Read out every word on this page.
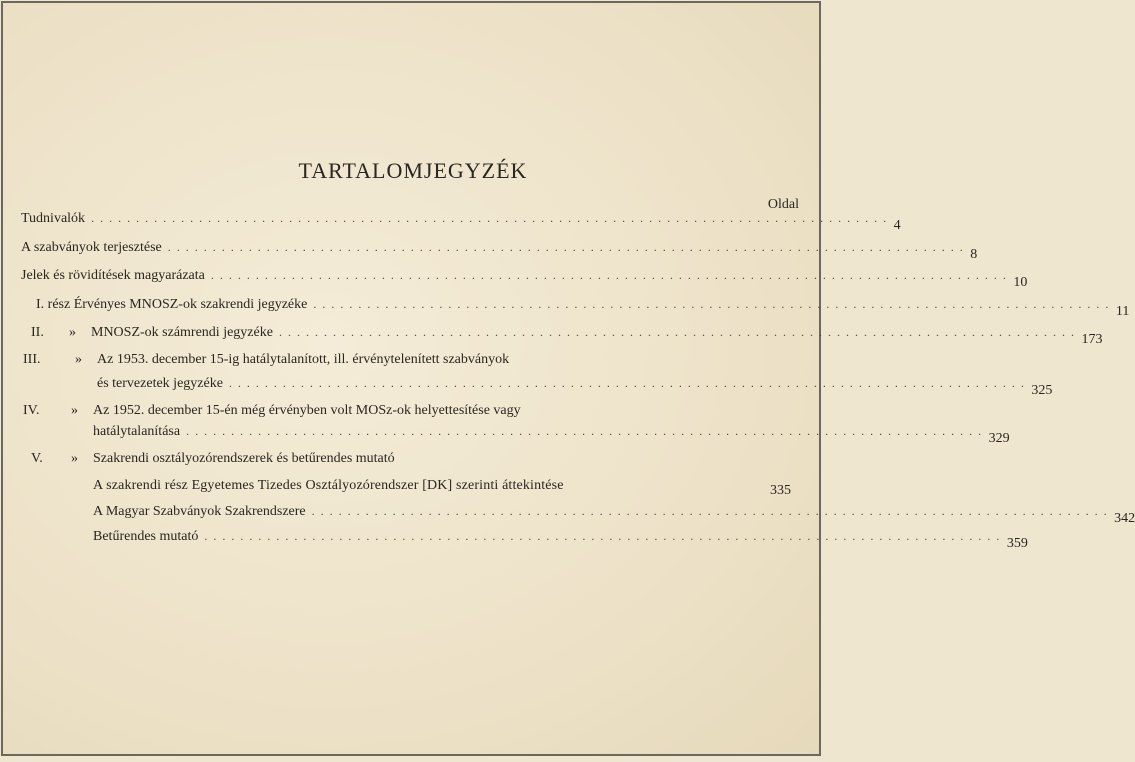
TARTALOMJEGYZÉK
Oldal
Tudnivalók . . . . . . . . . . . . . . . . . . . . . . . . . . . . . . . . . . . . . . . . . . . . . . . . . . . . . . . . . . . . . . . . . . . . . . . . . . . . . . . . . . . . . . . . . 4
A szabványok terjesztése . . . . . . . . . . . . . . . . . . . . . . . . . . . . . . . . . . . . . . . . . . . . . . . . . . . . . . . . . . . . . . . . . . . . . . . . . . . . . . . . . . . . . . . . . 8
Jelek és rövidítések magyarázata . . . . . . . . . . . . . . . . . . . . . . . . . . . . . . . . . . . . . . . . . . . . . . . . . . . . . . . . . . . . . . . . . . . . . . . . . . . . . . . . . . . . . . . . . 10
I. rész Érvényes MNOSZ-ok szakrendi jegyzéke . . . . . . . . . . . . . . . . . . . . . . . . . . . . . . . . . . . . . . . . . . . . . . . . . . . . . . . . . . . . . . . . . . . . . . . . . . . . . . . . . . . . . . . . . 11
II. » MNOSZ-ok számrendi jegyzéke . . . . . . . . . . . . . . . . . . . . . . . . . . . . . . . . . . . . . . . . . . . . . . . . . . . . . . . . . . . . . . . . . . . . . . . . . . . . . . . . . . . . . . . . . 173
III. » Az 1953. december 15-ig hatálytalanított, ill. érvénytelenített szabványok
és tervezetek jegyzéke . . . . . . . . . . . . . . . . . . . . . . . . . . . . . . . . . . . . . . . . . . . . . . . . . . . . . . . . . . . . . . . . . . . . . . . . . . . . . . . . . . . . . . . . . 325
IV. » Az 1952. december 15-én még érvényben volt MOSz-ok helyettesítése vagy
hatálytalanítása . . . . . . . . . . . . . . . . . . . . . . . . . . . . . . . . . . . . . . . . . . . . . . . . . . . . . . . . . . . . . . . . . . . . . . . . . . . . . . . . . . . . . . . . . 329
V. » Szakrendi osztályozórendszerek és betűrendes mutató
A szakrendi rész Egyetemes Tizedes Osztályozórendszer [DK] szerinti áttekintése	335
A Magyar Szabványok Szakrendszere . . . . . . . . . . . . . . . . . . . . . . . . . . . . . . . . . . . . . . . . . . . . . . . . . . . . . . . . . . . . . . . . . . . . . . . . . . . . . . . . . . . . . . . . . 342
Betűrendes mutató . . . . . . . . . . . . . . . . . . . . . . . . . . . . . . . . . . . . . . . . . . . . . . . . . . . . . . . . . . . . . . . . . . . . . . . . . . . . . . . . . . . . . . . . . 359
